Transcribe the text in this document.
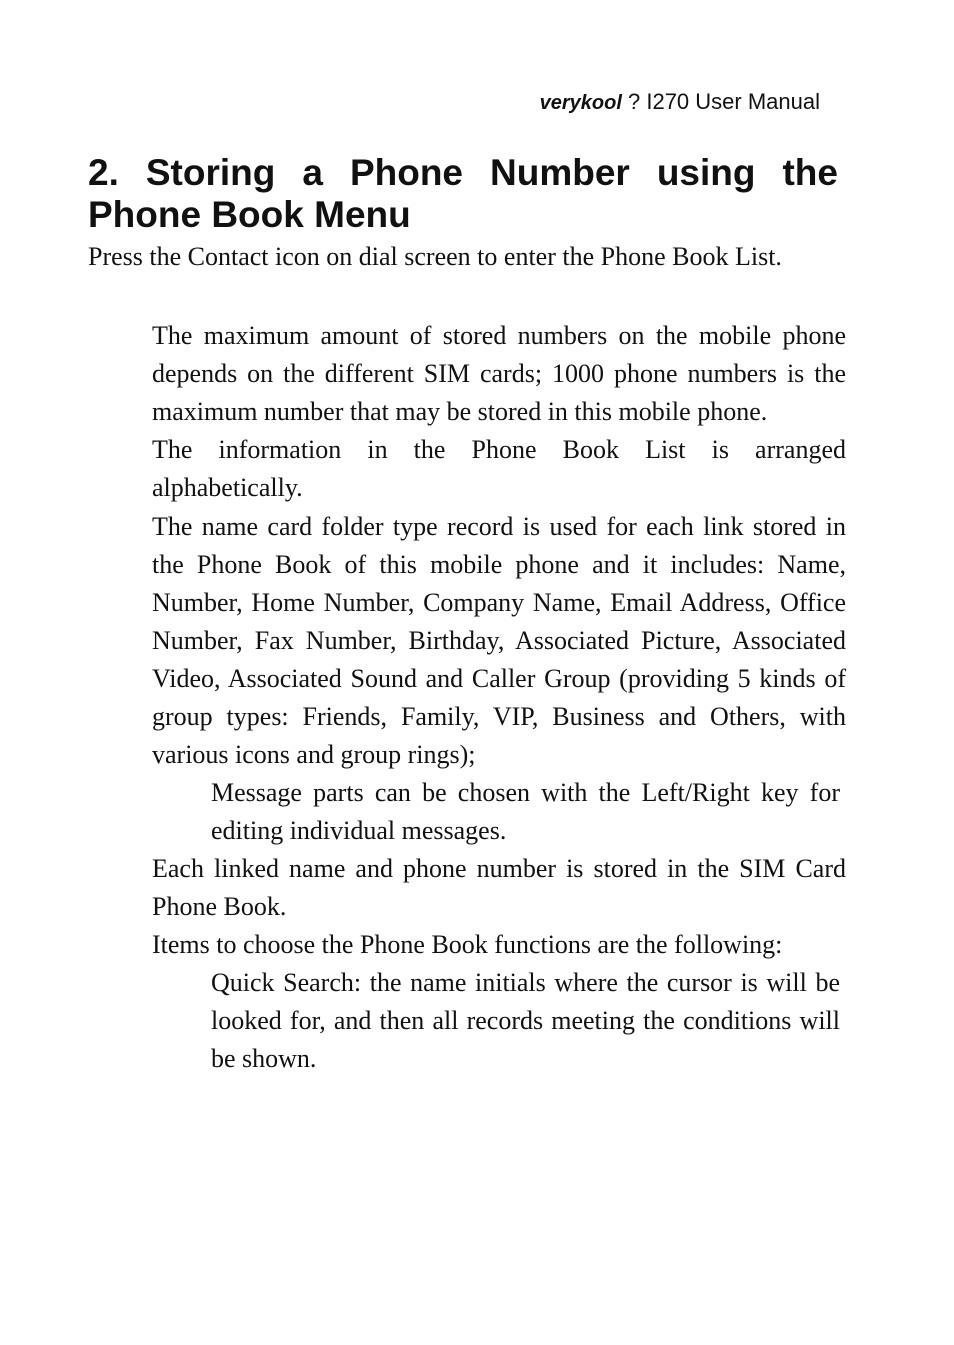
verykool ? I270 User Manual
2. Storing a Phone Number using the Phone Book Menu

Press the Contact icon on dial screen to enter the Phone Book List.

The maximum amount of stored numbers on the mobile phone depends on the different SIM cards; 1000 phone numbers is the maximum number that may be stored in this mobile phone.

The information in the Phone Book List is arranged alphabetically.

The name card folder type record is used for each link stored in the Phone Book of this mobile phone and it includes: Name, Number, Home Number, Company Name, Email Address, Office Number, Fax Number, Birthday, Associated Picture, Associated Video, Associated Sound and Caller Group (providing 5 kinds of group types: Friends, Family, VIP, Business and Others, with various icons and group rings);

Message parts can be chosen with the Left/Right key for editing individual messages.

Each linked name and phone number is stored in the SIM Card Phone Book.

Items to choose the Phone Book functions are the following:

Quick Search: the name initials where the cursor is will be looked for, and then all records meeting the conditions will be shown.
